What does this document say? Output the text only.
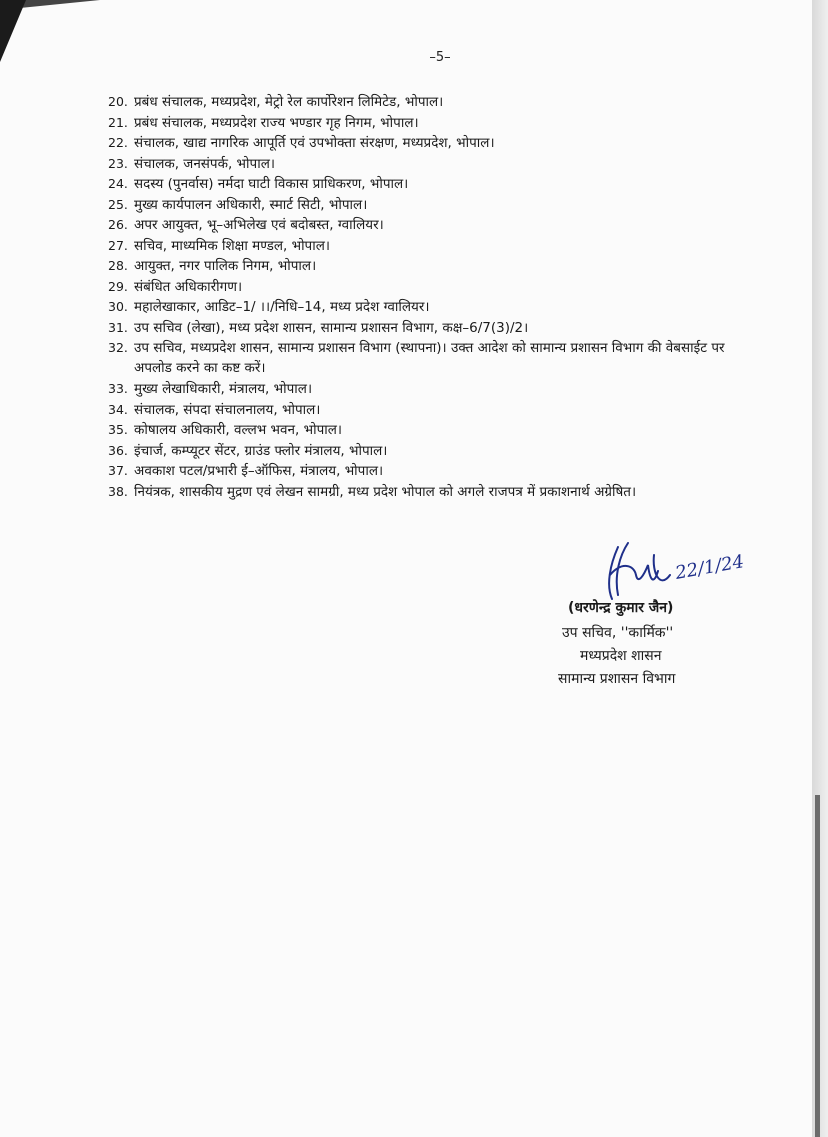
–5–
20. प्रबंध संचालक, मध्यप्रदेश, मेट्रो रेल कार्पोरेशन लिमिटेड, भोपाल।
21. प्रबंध संचालक, मध्यप्रदेश राज्य भण्डार गृह निगम, भोपाल।
22. संचालक, खाद्य नागरिक आपूर्ति एवं उपभोक्ता संरक्षण, मध्यप्रदेश, भोपाल।
23. संचालक, जनसंपर्क, भोपाल।
24. सदस्य (पुनर्वास) नर्मदा घाटी विकास प्राधिकरण, भोपाल।
25. मुख्य कार्यपालन अधिकारी, स्मार्ट सिटी, भोपाल।
26. अपर आयुक्त, भू–अभिलेख एवं बदोबस्त, ग्वालियर।
27. सचिव, माध्यमिक शिक्षा मण्डल, भोपाल।
28. आयुक्त, नगर पालिक निगम, भोपाल।
29. संबंधित अधिकारीगण।
30. महालेखाकार, आडिट–1/ ।।/निधि–14, मध्य प्रदेश ग्वालियर।
31. उप सचिव (लेखा), मध्य प्रदेश शासन, सामान्य प्रशासन विभाग, कक्ष–6/7(3)/2।
32. उप सचिव, मध्यप्रदेश शासन, सामान्य प्रशासन विभाग (स्थापना)। उक्त आदेश को सामान्य प्रशासन विभाग की वेबसाईट पर अपलोड करने का कष्ट करें।
33. मुख्य लेखाधिकारी, मंत्रालय, भोपाल।
34. संचालक, संपदा संचालनालय, भोपाल।
35. कोषालय अधिकारी, वल्लभ भवन, भोपाल।
36. इंचार्ज, कम्प्यूटर सेंटर, ग्राउंड फ्लोर मंत्रालय, भोपाल।
37. अवकाश पटल/प्रभारी ई–ऑफिस, मंत्रालय, भोपाल।
38. नियंत्रक, शासकीय मुद्रण एवं लेखन सामग्री, मध्य प्रदेश भोपाल को अगले राजपत्र में प्रकाशनार्थ अग्रेषित।
22/1/24
(धरणेन्द्र कुमार जैन)
उप सचिव, ''कार्मिक''
मध्यप्रदेश शासन
सामान्य प्रशासन विभाग
